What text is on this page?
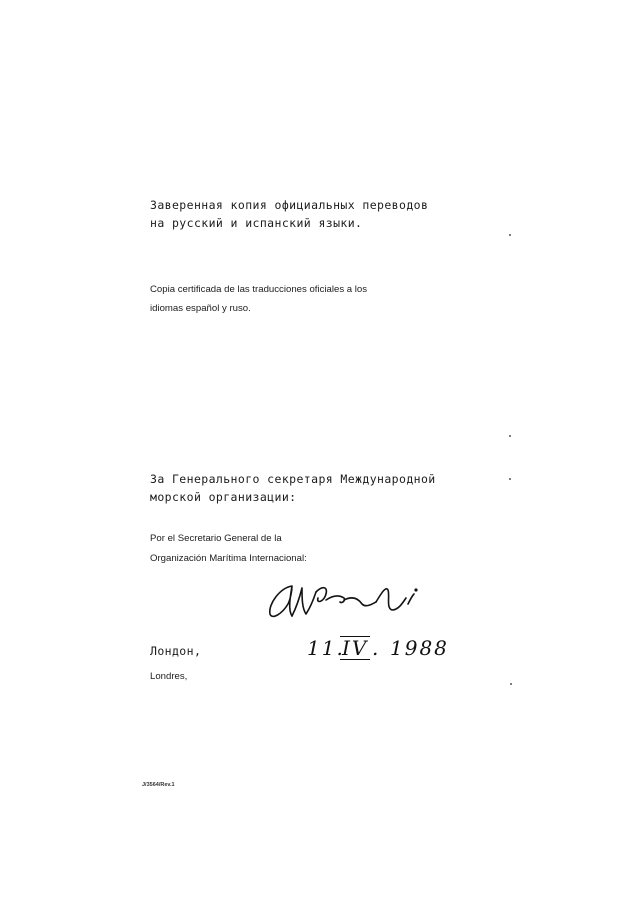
Заверенная копия официальных переводов
на русский и испанский языки.
Copia certificada de las traducciones oficiales a los
idiomas español y ruso.
За Генерального секретаря Международной
морской организации:
Por el Secretario General de la
Organización Marítima Internacional:
Лондон,
Londres,
11.
IV . 1988
J/3564/Rev.1
